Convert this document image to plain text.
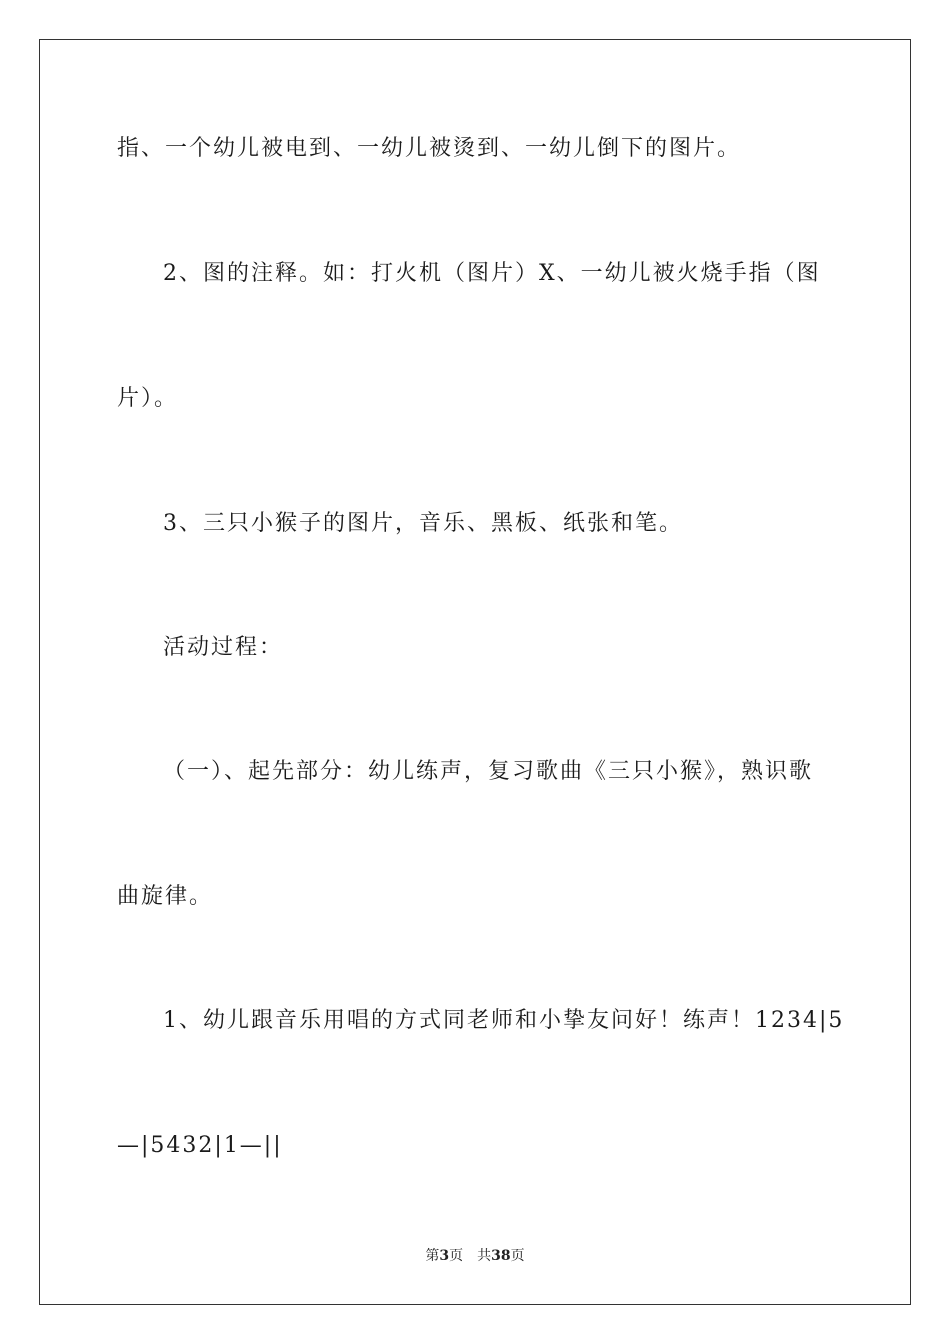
指、一个幼儿被电到、一幼儿被烫到、一幼儿倒下的图片。
2、图的注释。如：打火机（图片）X、一幼儿被火烧手指（图
片）。
3、三只小猴子的图片，音乐、黑板、纸张和笔。
活动过程：
（一）、起先部分：幼儿练声，复习歌曲《三只小猴》，熟识歌
曲旋律。
1、幼儿跟音乐用唱的方式同老师和小挚友问好！练声！1234|5
—|5432|1—||
第3页 共38页
